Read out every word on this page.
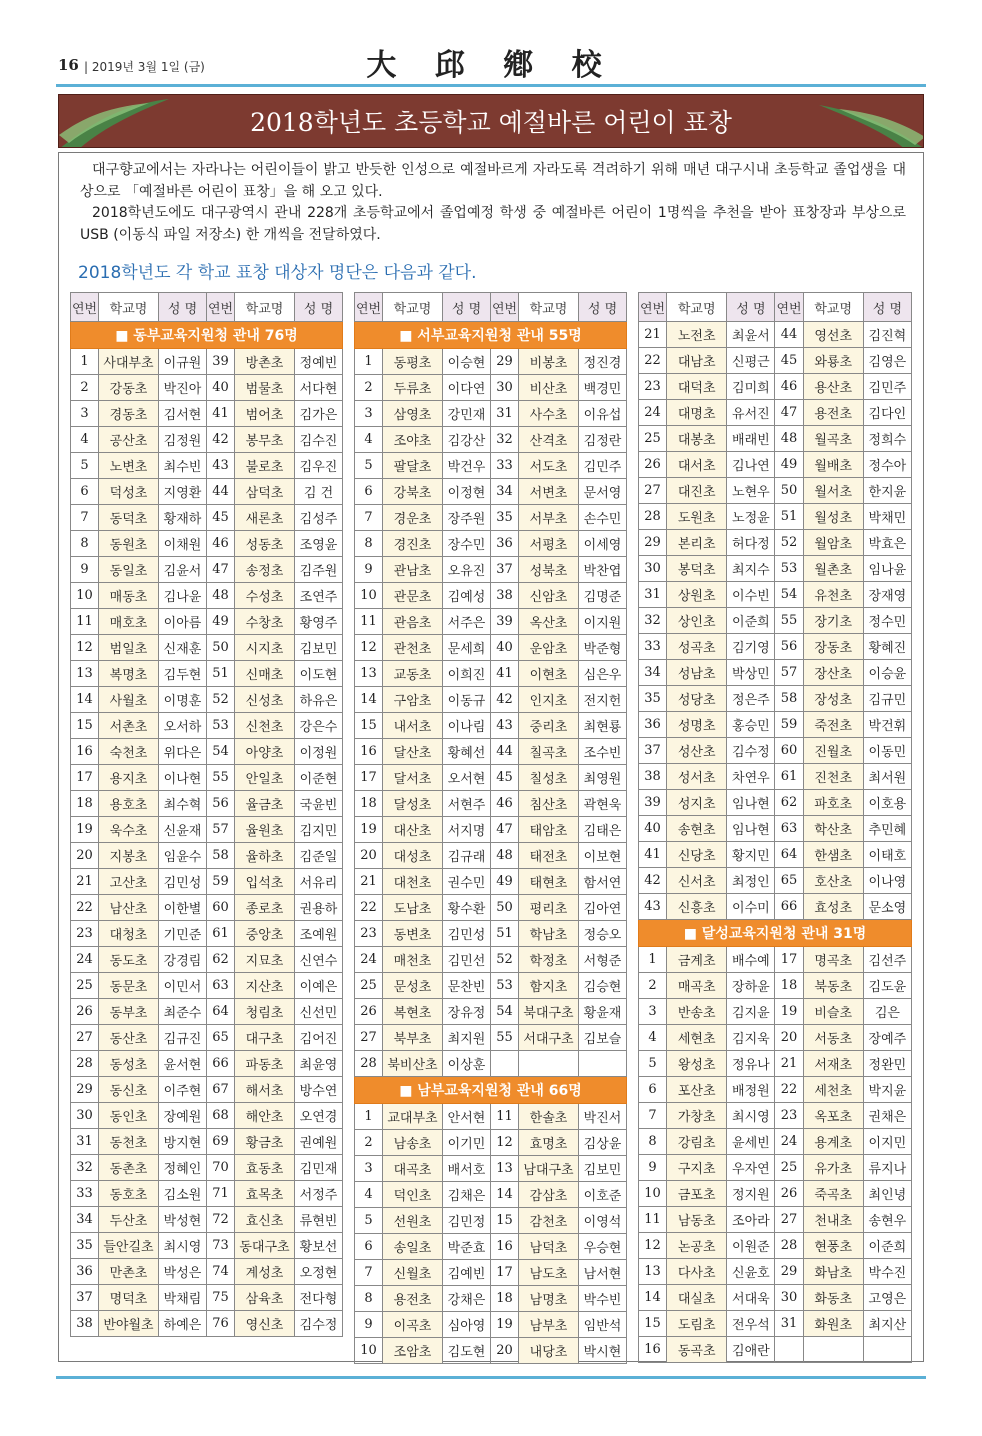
16 | 2019년 3월 1일 (금)	大 邱 鄕 校
2018학년도 초등학교 예절바른 어린이 표창

대구향교에서는 자라나는 어린이들이 밝고 반듯한 인성으로 예절바르게 자라도록 격려하기 위해 매년 대구시내 초등학교 졸업생을 대상으로 「예절바른 어린이 표창」을 해 오고 있다.

2018학년도에도 대구광역시 관내 228개 초등학교에서 졸업예정 학생 중 예절바른 어린이 1명씩을 추천을 받아 표창장과 부상으로 USB (이동식 파일 저장소) 한 개씩을 전달하였다.

2018학년도 각 학교 표창 대상자 명단은 다음과 같다.
연번	학교명	성 명	연번	학교명	성 명
■ 동부교육지원청 관내 76명					
1	사대부초	이규원	39	방촌초	정예빈
2	강동초	박진아	40	범물초	서다현
3	경동초	김서현	41	범어초	김가은
4	공산초	김정원	42	봉무초	김수진
5	노변초	최수빈	43	불로초	김우진
6	덕성초	지영환	44	삼덕초	김 건
7	동덕초	황재하	45	새론초	김성주
8	동원초	이채원	46	성동초	조영윤
9	동일초	김윤서	47	송정초	김주원
10	매동초	김나윤	48	수성초	조연주
11	매호초	이아름	49	수창초	황영주
12	범일초	신재훈	50	시지초	김보민
13	복명초	김두현	51	신매초	이도현
14	사월초	이명훈	52	신성초	하유은
15	서촌초	오서하	53	신천초	강은수
16	숙천초	위다은	54	아양초	이정원
17	용지초	이나현	55	안일초	이준현
18	용호초	최수혁	56	율금초	국윤빈
19	욱수초	신윤재	57	율원초	김지민
20	지봉초	임윤수	58	율하초	김준일
21	고산초	김민성	59	입석초	서유리
22	남산초	이한별	60	종로초	권용하
23	대청초	기민준	61	중앙초	조예원
24	동도초	강경림	62	지묘초	신연수
25	동문초	이민서	63	지산초	이예은
26	동부초	최준수	64	청림초	신선민
27	동산초	김규진	65	대구초	김어진
28	동성초	윤서현	66	파동초	최윤영
29	동신초	이주현	67	해서초	방수연
30	동인초	장예원	68	해안초	오연경
31	동천초	방지현	69	황금초	권예원
32	동촌초	정혜인	70	효동초	김민재
33	동호초	김소원	71	효목초	서정주
34	두산초	박성현	72	효신초	류현빈
35	들안길초	최시영	73	동대구초	황보선
36	만촌초	박성은	74	계성초	오정현
37	명덕초	박채림	75	삼육초	전다형
38	반야월초	하예은	76	영신초	김수정
연번	학교명	성 명	연번	학교명	성 명
■ 서부교육지원청 관내 55명					
1	동평초	이승현	29	비봉초	정진경
2	두류초	이다연	30	비산초	백경민
3	삼영초	강민재	31	사수초	이유섭
4	조야초	김강산	32	산격초	김정란
5	팔달초	박건우	33	서도초	김민주
6	강북초	이정현	34	서변초	문서영
7	경운초	장주원	35	서부초	손수민
8	경진초	장수민	36	서평초	이세영
9	관남초	오유진	37	성북초	박찬엽
10	관문초	김예성	38	신암초	김명준
11	관음초	서주은	39	옥산초	이지원
12	관천초	문세희	40	운암초	박준형
13	교동초	이희진	41	이현초	심은우
14	구암초	이동규	42	인지초	전지헌
15	내서초	이나림	43	중리초	최현룡
16	달산초	황혜선	44	칠곡초	조수빈
17	달서초	오서현	45	칠성초	최영원
18	달성초	서현주	46	침산초	곽현욱
19	대산초	서지명	47	태암초	김태은
20	대성초	김규래	48	태전초	이보현
21	대천초	권수민	49	태현초	함서연
22	도남초	황수환	50	평리초	김아연
23	동변초	김민성	51	학남초	정승오
24	매천초	김민선	52	학정초	서형준
25	문성초	문찬빈	53	함지초	김승현
26	복현초	장유정	54	북대구초	황윤재
27	북부초	최지원	55	서대구초	김보슬
28	북비산초	이상훈			
■ 남부교육지원청 관내 66명					
1	교대부초	안서현	11	한솔초	박진서
2	남송초	이기민	12	효명초	김상윤
3	대곡초	배서호	13	남대구초	김보민
4	덕인초	김채은	14	감삼초	이호준
5	선원초	김민정	15	감천초	이영석
6	송일초	박준효	16	남덕초	우승현
7	신월초	김예빈	17	남도초	남서현
8	용전초	강채은	18	남명초	박수빈
9	이곡초	심아영	19	남부초	임반석
10	조암초	김도현	20	내당초	박시현
연번	학교명	성 명	연번	학교명	성 명
21	노전초	최윤서	44	영선초	김진혁
22	대남초	신평근	45	와룡초	김영은
23	대덕초	김미희	46	용산초	김민주
24	대명초	유서진	47	용전초	김다인
25	대봉초	배래빈	48	월곡초	정희수
26	대서초	김나연	49	월배초	정수아
27	대진초	노현우	50	월서초	한지윤
28	도원초	노정윤	51	월성초	박채민
29	본리초	허다정	52	월암초	박효은
30	봉덕초	최지수	53	월촌초	임나윤
31	상원초	이수빈	54	유천초	장재영
32	상인초	이준희	55	장기초	정수민
33	성곡초	김기영	56	장동초	황혜진
34	성남초	박상민	57	장산초	이승윤
35	성당초	정은주	58	장성초	김규민
36	성명초	홍승민	59	죽전초	박건휘
37	성산초	김수정	60	진월초	이동민
38	성서초	차연우	61	진천초	최서원
39	성지초	임나현	62	파호초	이호용
40	송현초	임나현	63	학산초	추민혜
41	신당초	황지민	64	한샘초	이태호
42	신서초	최정인	65	호산초	이나영
43	신흥초	이수미	66	효성초	문소영
■ 달성교육지원청 관내 31명					
1	금계초	배수예	17	명곡초	김선주
2	매곡초	장하윤	18	북동초	김도윤
3	반송초	김지윤	19	비슬초	김은
4	세현초	김지욱	20	서동초	장예주
5	왕성초	정유나	21	서재초	정완민
6	포산초	배정원	22	세천초	박지윤
7	가창초	최시영	23	옥포초	권채은
8	강림초	윤세빈	24	용계초	이지민
9	구지초	우자연	25	유가초	류지나
10	금포초	정지원	26	죽곡초	최인녕
11	남동초	조아라	27	천내초	송현우
12	논공초	이원준	28	현풍초	이준희
13	다사초	신윤호	29	화남초	박수진
14	대실초	서대욱	30	화동초	고영은
15	도림초	전우석	31	화원초	최지산
16	동곡초	김애란			
